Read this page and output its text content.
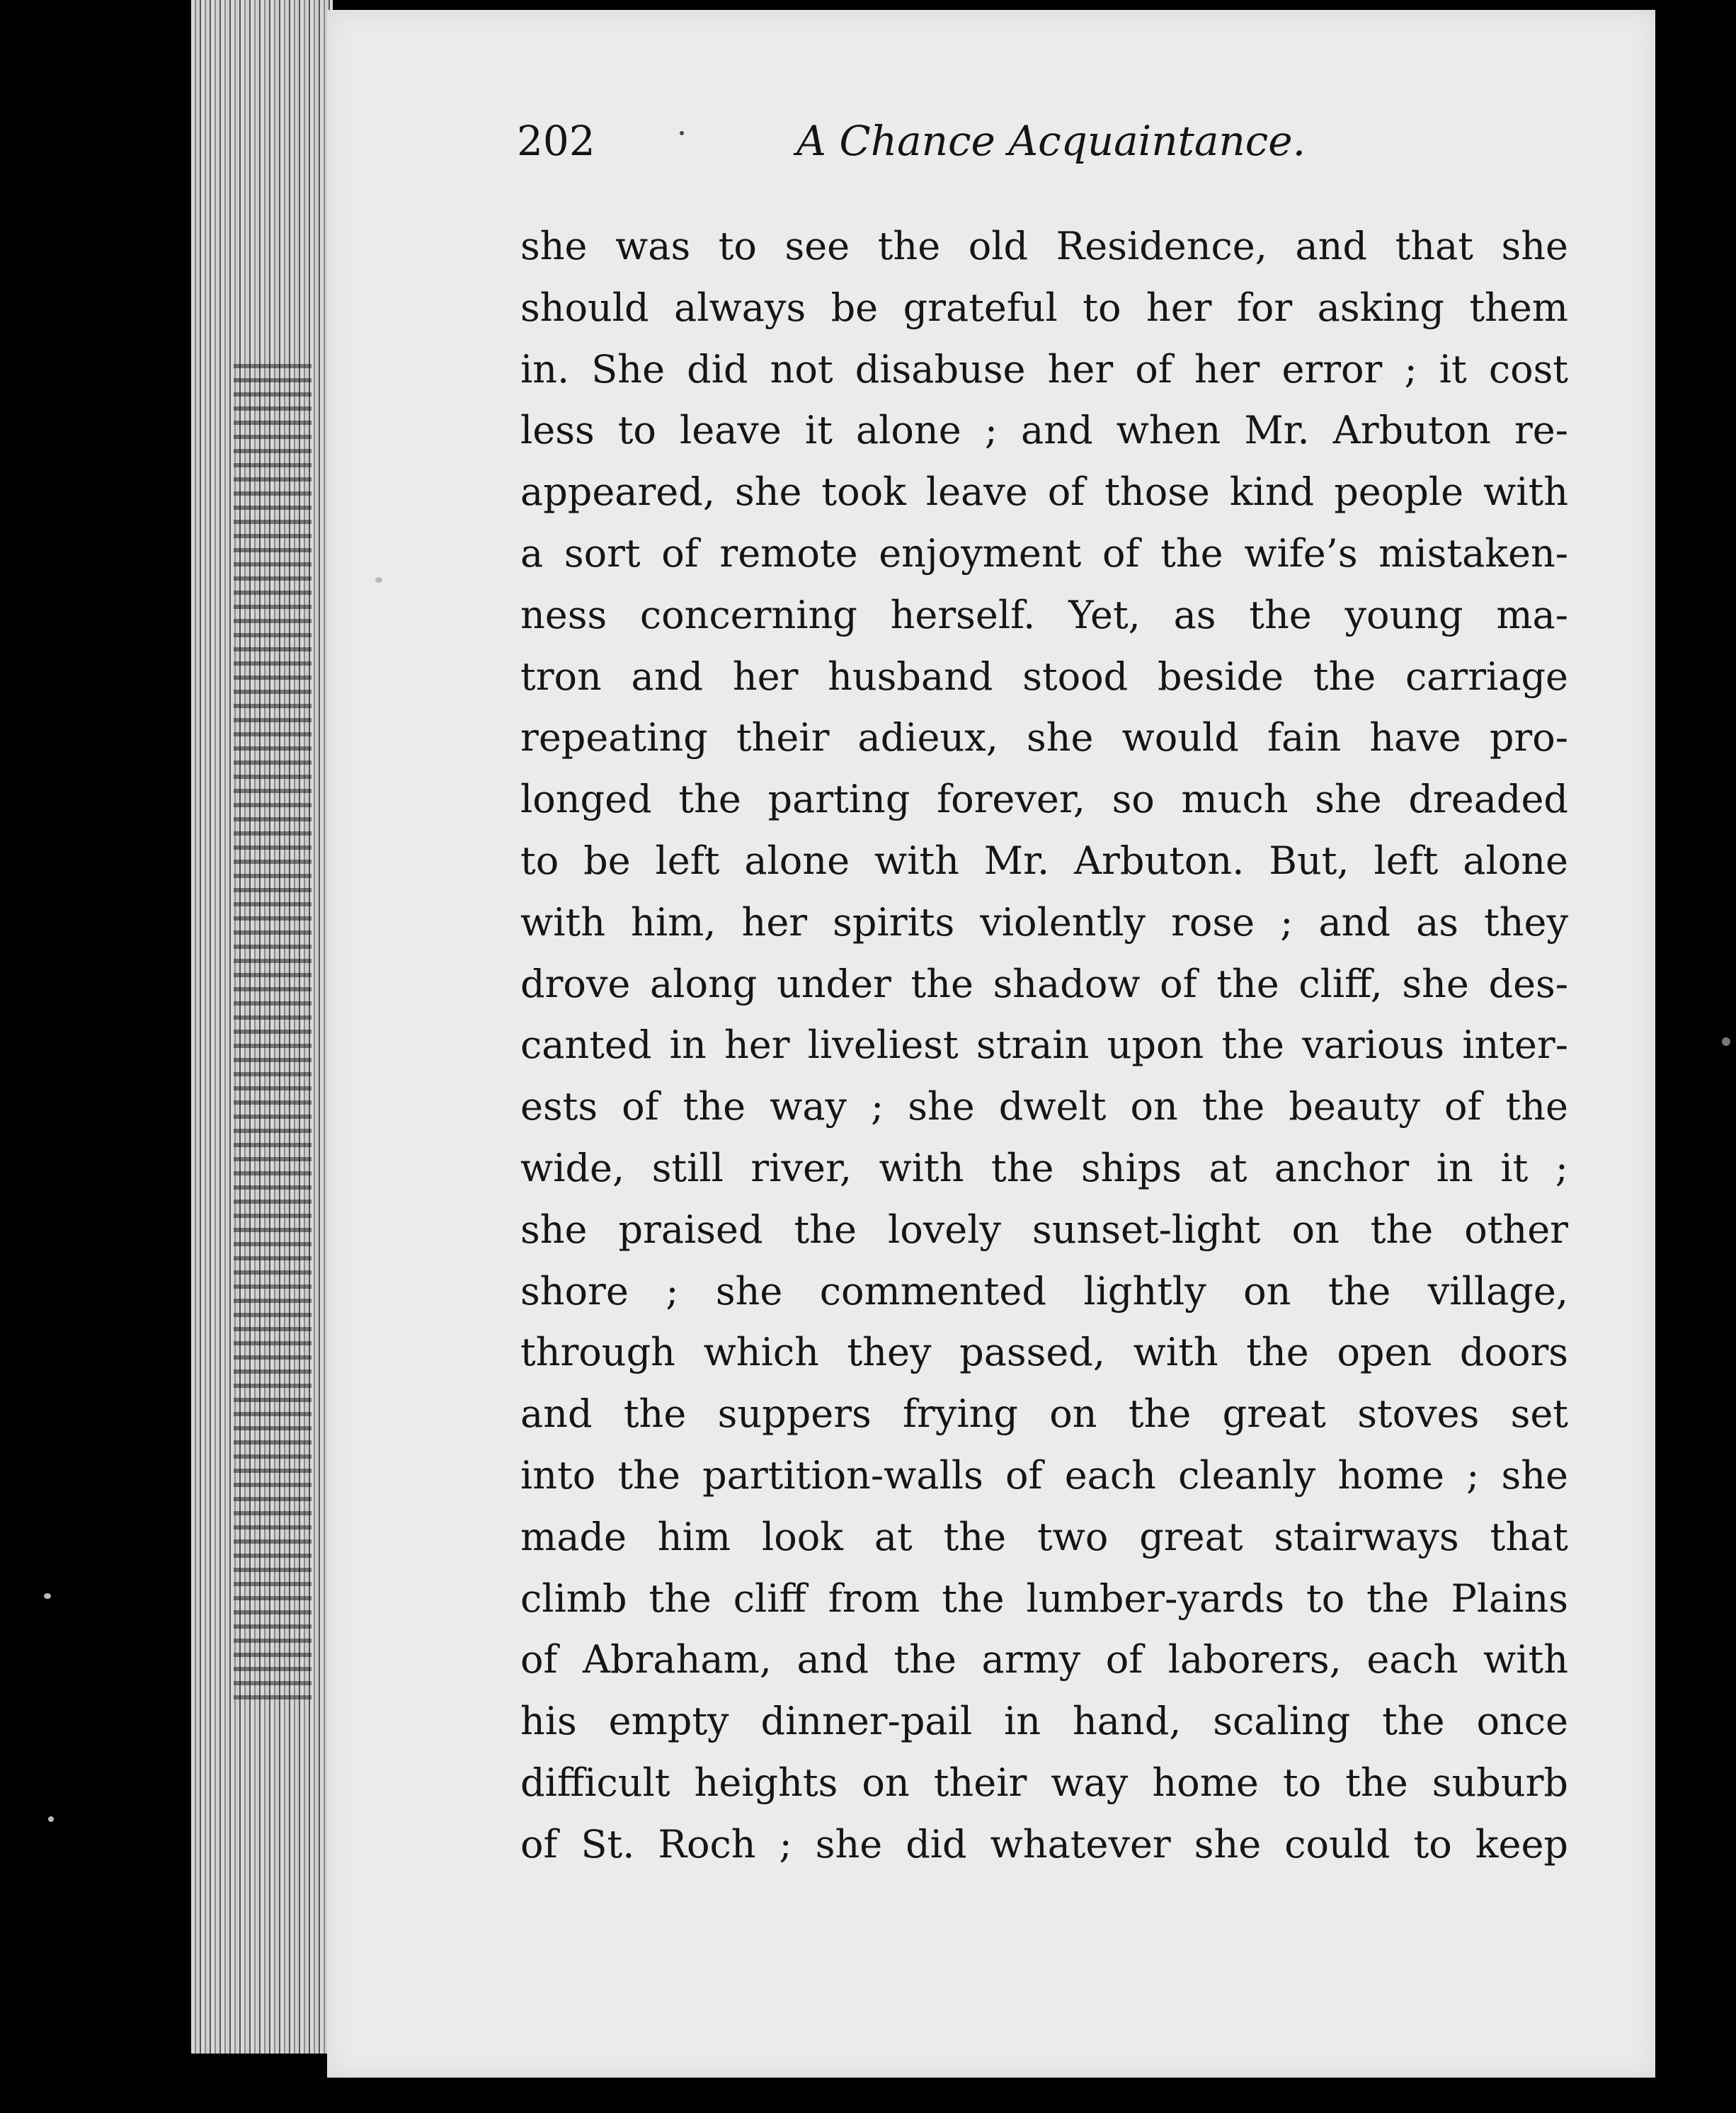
202	A Chance Acquaintance.
she was to see the old Residence, and that she
should always be grateful to her for asking them
in. She did not disabuse her of her error ; it cost
less to leave it alone ; and when Mr. Arbuton re-
appeared, she took leave of those kind people with
a sort of remote enjoyment of the wife’s mistaken-
ness concerning herself. Yet, as the young ma-
tron and her husband stood beside the carriage
repeating their adieux, she would fain have pro-
longed the parting forever, so much she dreaded
to be left alone with Mr. Arbuton. But, left alone
with him, her spirits violently rose ; and as they
drove along under the shadow of the cliff, she des-
canted in her liveliest strain upon the various inter-
ests of the way ; she dwelt on the beauty of the
wide, still river, with the ships at anchor in it ;
she praised the lovely sunset-light on the other
shore ; she commented lightly on the village,
through which they passed, with the open doors
and the suppers frying on the great stoves set
into the partition-walls of each cleanly home ; she
made him look at the two great stairways that
climb the cliff from the lumber-yards to the Plains
of Abraham, and the army of laborers, each with
his empty dinner-pail in hand, scaling the once
difficult heights on their way home to the suburb
of St. Roch ; she did whatever she could to keep
